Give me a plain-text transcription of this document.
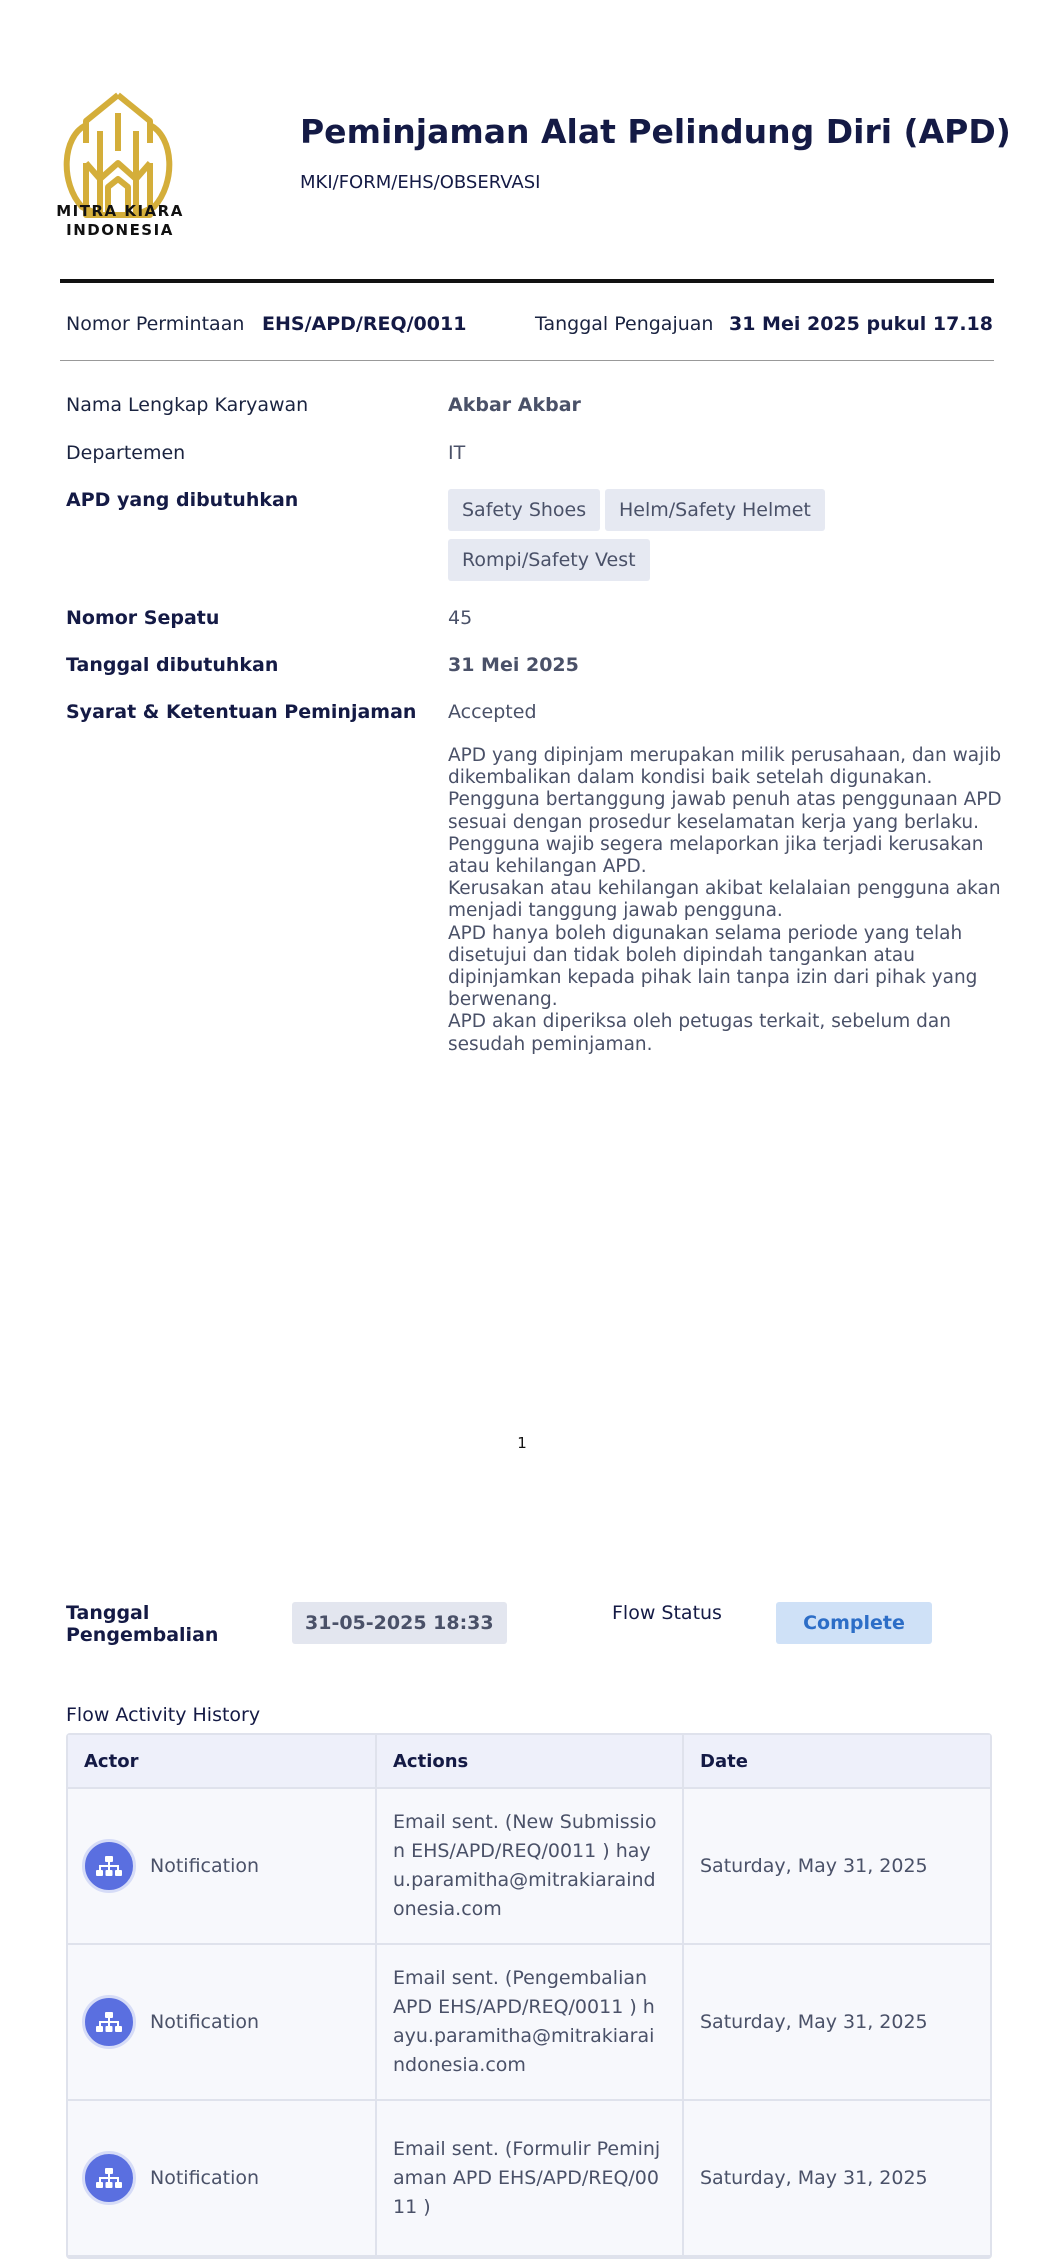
MITRA KIARA
INDONESIA
Peminjaman Alat Pelindung Diri (APD)
MKI/FORM/EHS/OBSERVASI
Nomor Permintaan EHS/APD/REQ/0011	Tanggal Pengajuan 31 Mei 2025 pukul 17.18
Nama Lengkap Karyawan	Akbar Akbar
Departemen	IT
APD yang dibutuhkan	Safety Shoes	Helm/Safety Helmet
Rompi/Safety Vest
Nomor Sepatu	45
Tanggal dibutuhkan	31 Mei 2025
Syarat & Ketentuan Peminjaman Accepted
APD yang dipinjam merupakan milik perusahaan, dan wajib dikembalikan dalam kondisi baik setelah digunakan.
Pengguna bertanggung jawab penuh atas penggunaan APD sesuai dengan prosedur keselamatan kerja yang berlaku.
Pengguna wajib segera melaporkan jika terjadi kerusakan atau kehilangan APD.
Kerusakan atau kehilangan akibat kelalaian pengguna akan menjadi tanggung jawab pengguna.
APD hanya boleh digunakan selama periode yang telah disetujui dan tidak boleh dipindah tangankan atau dipinjamkan kepada pihak lain tanpa izin dari pihak yang berwenang.
APD akan diperiksa oleh petugas terkait, sebelum dan sesudah peminjaman.
1
Tanggal
Pengembalian
31-05-2025 18:33	Flow Status	Complete
Flow Activity History
Actor	Actions	Date

Notification	Email sent. (New Submission EHS/APD/REQ/0011 ) hayu.paramitha@mitrakiaraindonesia.com	Saturday, May 31, 2025

Notification	Email sent. (Pengembalian APD EHS/APD/REQ/0011 ) hayu.paramitha@mitrakiaraindonesia.com	Saturday, May 31, 2025

Notification	Email sent. (Formulir Peminjaman APD EHS/APD/REQ/0011 )	Saturday, May 31, 2025
